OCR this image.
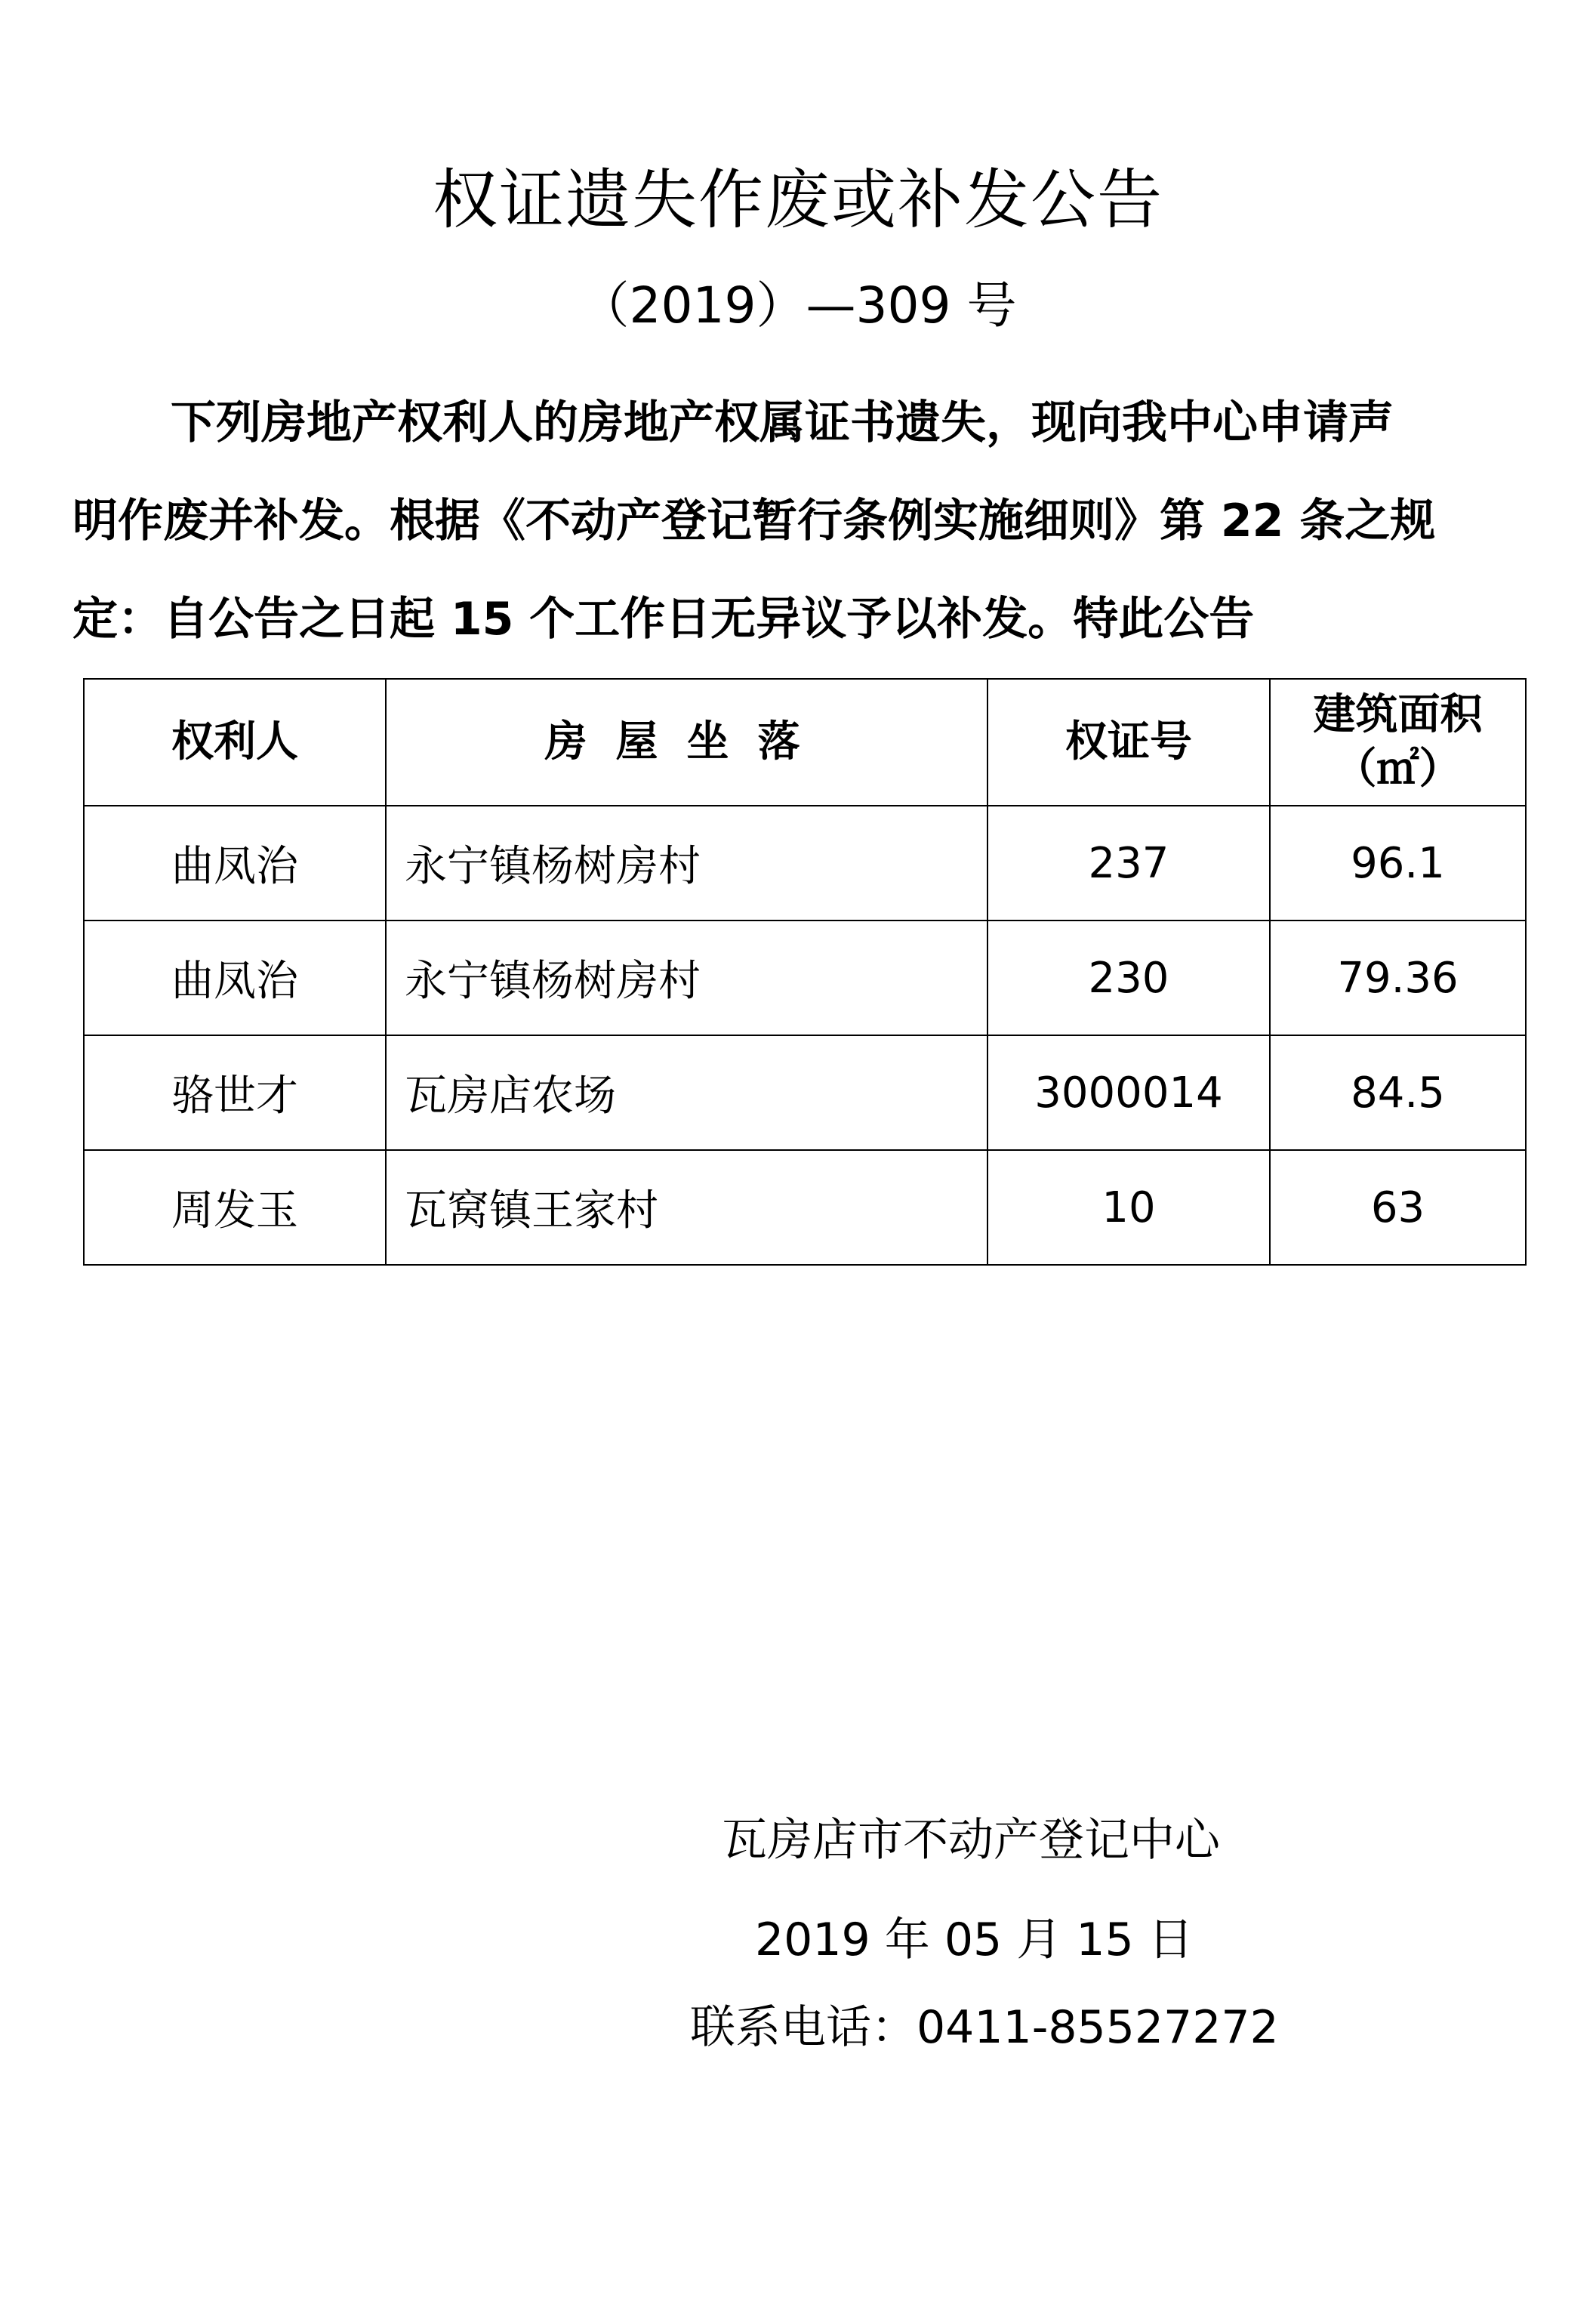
权证遗失作废或补发公告
（2019）—309 号

下列房地产权利人的房地产权属证书遗失，现向我中心申请声
明作废并补发。根据《不动产登记暂行条例实施细则》第 22 条之规
定：自公告之日起 15 个工作日无异议予以补发。特此公告

权利人	房屋坐落	权证号	建筑面积
（㎡）

曲凤治	永宁镇杨树房村	237	96.1
曲凤治	永宁镇杨树房村	230	79.36
骆世才	瓦房店农场	3000014	84.5
周发玉	瓦窝镇王家村	10	63
瓦房店市不动产登记中心
2019 年 05 月 15 日
联系电话：0411-85527272
